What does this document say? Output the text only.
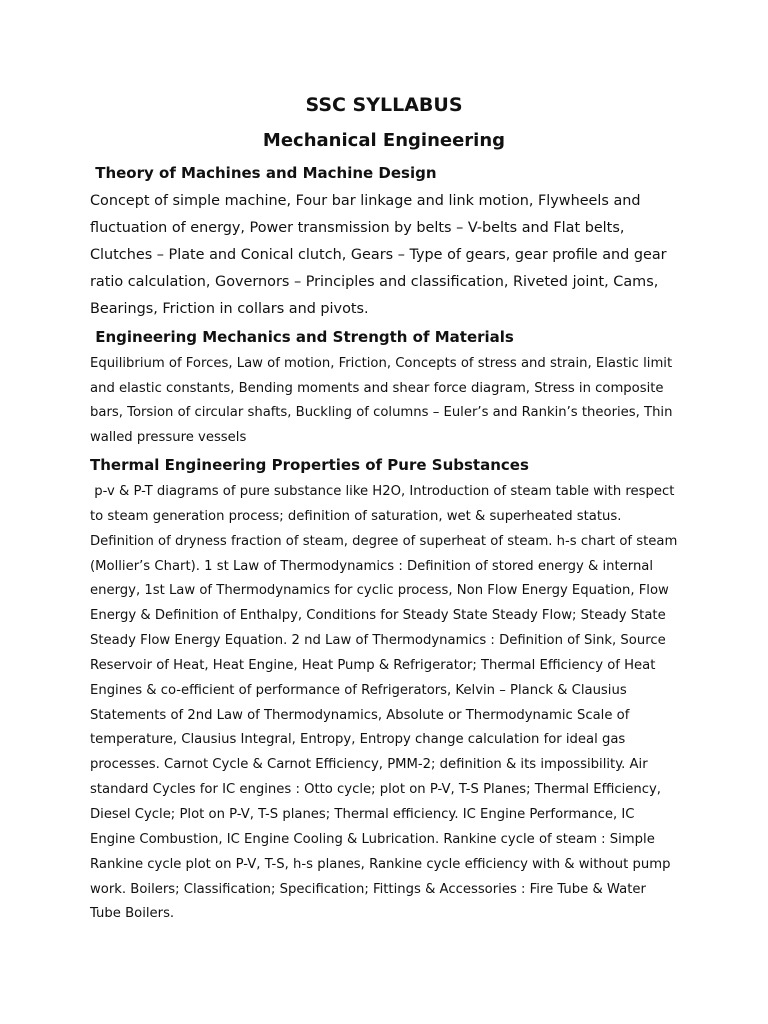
SSC SYLLABUS
Mechanical Engineering
Theory of Machines and Machine Design

Concept of simple machine, Four bar linkage and link motion, Flywheels and fluctuation of energy, Power transmission by belts – V-belts and Flat belts, Clutches – Plate and Conical clutch, Gears – Type of gears, gear profile and gear ratio calculation, Governors – Principles and classification, Riveted joint, Cams, Bearings, Friction in collars and pivots.

Engineering Mechanics and Strength of Materials

Equilibrium of Forces, Law of motion, Friction, Concepts of stress and strain, Elastic limit and elastic constants, Bending moments and shear force diagram, Stress in composite bars, Torsion of circular shafts, Buckling of columns – Euler’s and Rankin’s theories, Thin walled pressure vessels

Thermal Engineering Properties of Pure Substances

p-v & P-T diagrams of pure substance like H2O, Introduction of steam table with respect to steam generation process; definition of saturation, wet & superheated status. Definition of dryness fraction of steam, degree of superheat of steam. h-s chart of steam (Mollier’s Chart). 1 st Law of Thermodynamics : Definition of stored energy & internal energy, 1st Law of Thermodynamics for cyclic process, Non Flow Energy Equation, Flow Energy & Definition of Enthalpy, Conditions for Steady State Steady Flow; Steady State Steady Flow Energy Equation. 2 nd Law of Thermodynamics : Definition of Sink, Source Reservoir of Heat, Heat Engine, Heat Pump & Refrigerator; Thermal Efficiency of Heat Engines & co-efficient of performance of Refrigerators, Kelvin – Planck & Clausius Statements of 2nd Law of Thermodynamics, Absolute or Thermodynamic Scale of temperature, Clausius Integral, Entropy, Entropy change calculation for ideal gas processes. Carnot Cycle & Carnot Efficiency, PMM-2; definition & its impossibility. Air standard Cycles for IC engines : Otto cycle; plot on P-V, T-S Planes; Thermal Efficiency, Diesel Cycle; Plot on P-V, T-S planes; Thermal efficiency. IC Engine Performance, IC Engine Combustion, IC Engine Cooling & Lubrication. Rankine cycle of steam : Simple Rankine cycle plot on P-V, T-S, h-s planes, Rankine cycle efficiency with & without pump work. Boilers; Classification; Specification; Fittings & Accessories : Fire Tube & Water Tube Boilers.
